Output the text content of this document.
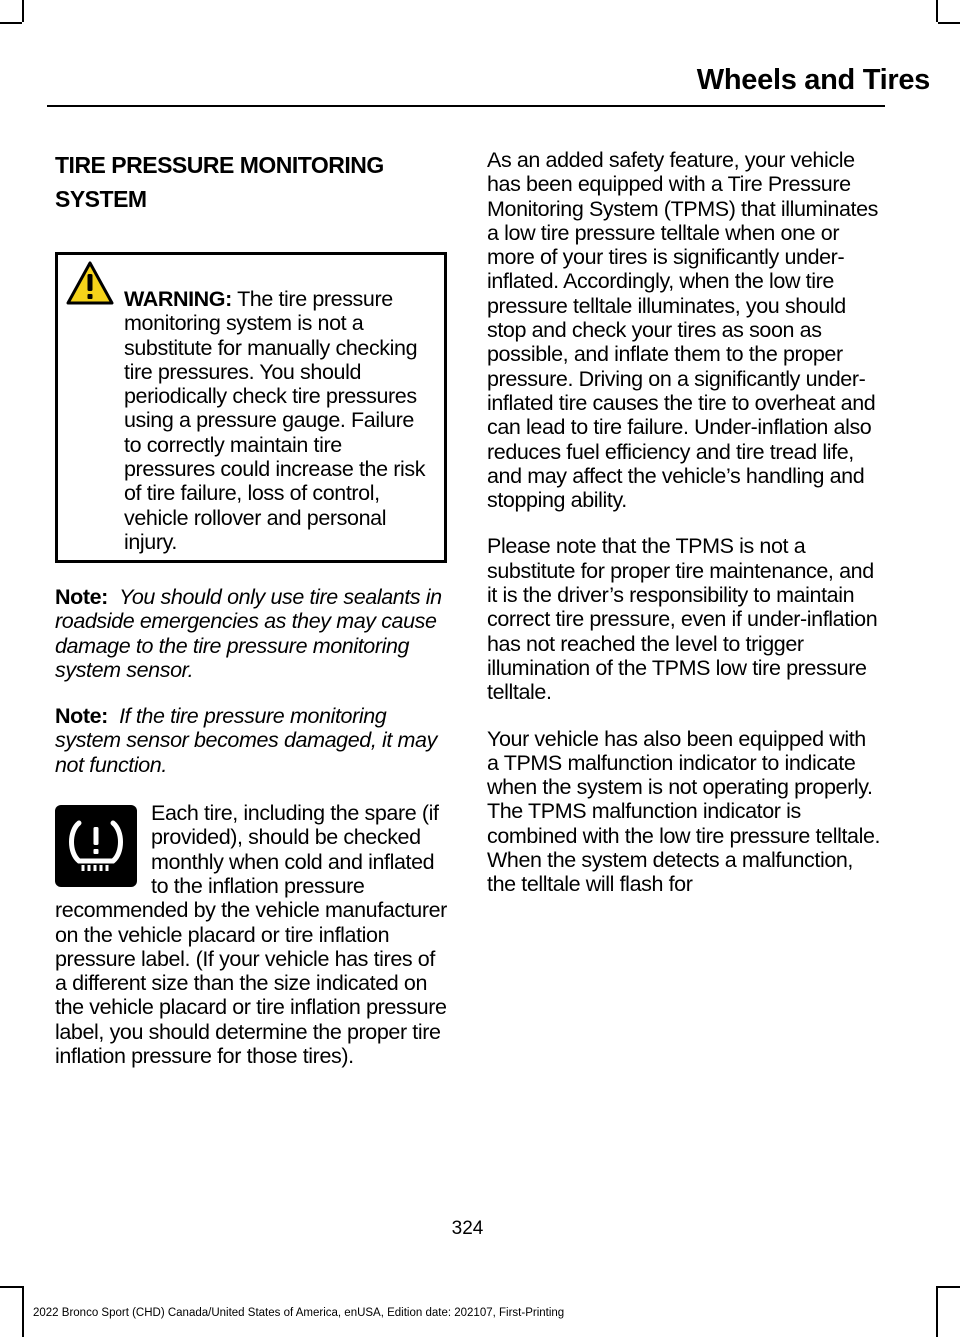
Wheels and Tires
TIRE PRESSURE MONITORING
SYSTEM
WARNING: The tire pressure monitoring system is not a substitute for manually checking tire pressures. You should periodically check tire pressures using a pressure gauge. Failure to correctly maintain tire pressures could increase the risk of tire failure, loss of control, vehicle rollover and personal injury.

Note: You should only use tire sealants in roadside emergencies as they may cause damage to the tire pressure monitoring system sensor.

Note: If the tire pressure monitoring system sensor becomes damaged, it may not function.

Each tire, including the spare (if provided), should be checked monthly when cold and inflated to the inflation pressure recommended by the vehicle manufacturer on the vehicle placard or tire inflation pressure label. (If your vehicle has tires of a different size than the size indicated on the vehicle placard or tire inflation pressure label, you should determine the proper tire inflation pressure for those tires).

As an added safety feature, your vehicle has been equipped with a Tire Pressure Monitoring System (TPMS) that illuminates a low tire pressure telltale when one or more of your tires is significantly under-inflated. Accordingly, when the low tire pressure telltale illuminates, you should stop and check your tires as soon as possible, and inflate them to the proper pressure. Driving on a significantly under-inflated tire causes the tire to overheat and can lead to tire failure. Under-inflation also reduces fuel efficiency and tire tread life, and may affect the vehicle’s handling and stopping ability.

Please note that the TPMS is not a substitute for proper tire maintenance, and it is the driver’s responsibility to maintain correct tire pressure, even if under-inflation has not reached the level to trigger illumination of the TPMS low tire pressure telltale.

Your vehicle has also been equipped with a TPMS malfunction indicator to indicate when the system is not operating properly. The TPMS malfunction indicator is combined with the low tire pressure telltale. When the system detects a malfunction, the telltale will flash for

324
2022 Bronco Sport (CHD) Canada/United States of America, enUSA, Edition date: 202107, First-Printing
